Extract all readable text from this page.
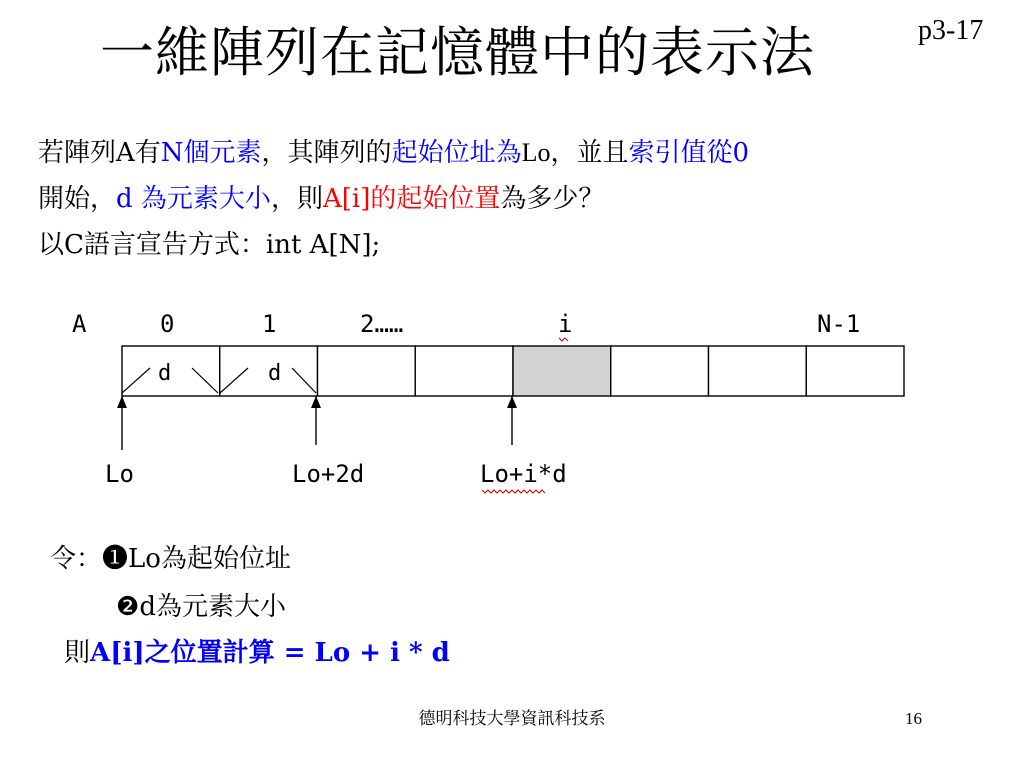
一維陣列在記憶體中的表示法	p3-17
若陣列A有N個元素，其陣列的起始位址為Lo，並且索引值從0
開始，d 為元素大小，則A[i]的起始位置為多少？
以C語言宣告方式：int A[N];
A	0	1	2……	i	N-1
d	d
Lo	Lo+2d	Lo+i*d
令：❶Lo為起始位址
❷d為元素大小
則A[i]之位置計算 = Lo + i * d
德明科技大學資訊科技系	16
